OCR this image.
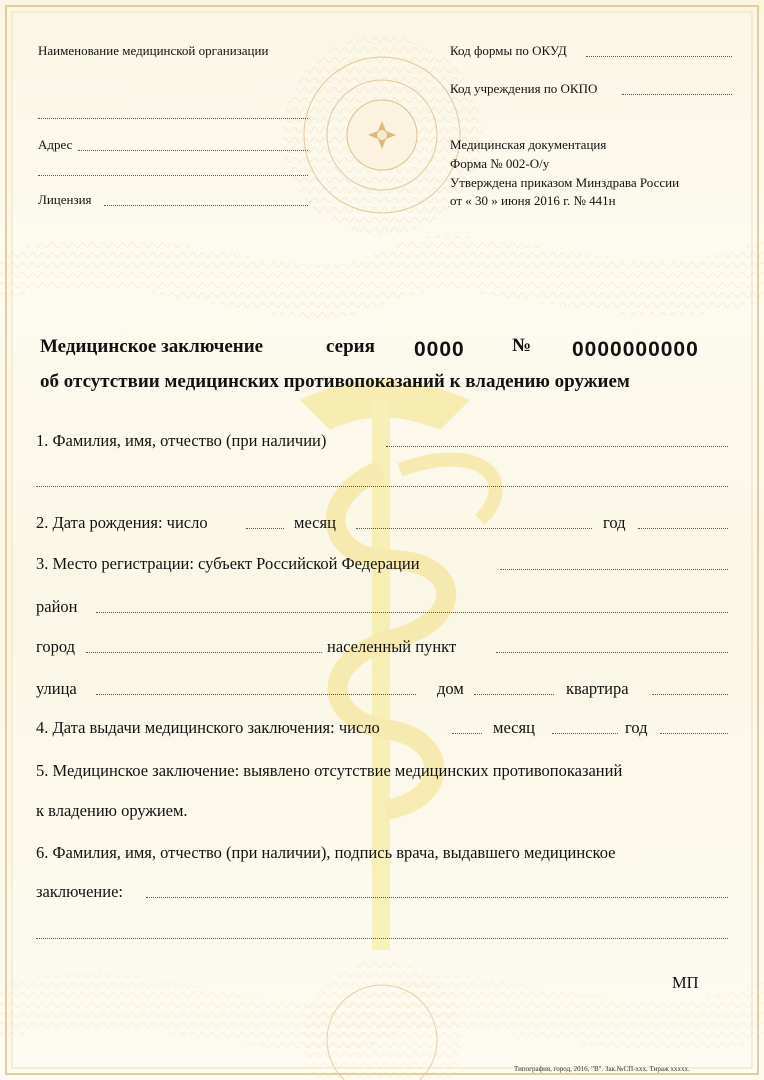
Наименование медицинской организации
Адрес
Лицензия
Код формы по ОКУД
Код учреждения по ОКПО
Медицинская документация
Форма № 002-О/у
Утверждена приказом Минздрава России
от « 30 » июня 2016 г. № 441н
Медицинское заключение	серия 0000 № 0000000000
об отсутствии медицинских противопоказаний к владению оружием
1. Фамилия, имя, отчество (при наличии)
2. Дата рождения: число	месяц	год
3. Место регистрации: субъект Российской Федерации
район
город	населенный пункт
улица	дом	квартира
4. Дата выдачи медицинского заключения: число	месяц	год
5. Медицинское заключение: выявлено отсутствие медицинских противопоказаний
к владению оружием.
6. Фамилия, имя, отчество (при наличии), подпись врача, выдавшего медицинское
заключение:
МП
Типография, город, 2016, "В". Зак.№СП-ххх. Тираж ххххх.
